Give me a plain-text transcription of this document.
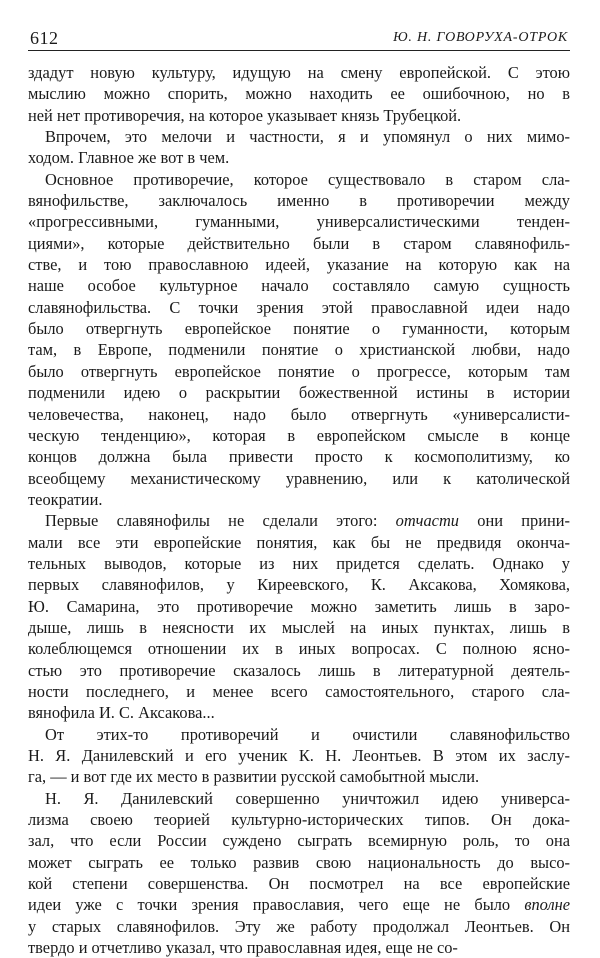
612	Ю. Н. ГОВОРУХА-ОТРОК
здадут новую культуру, идущую на смену европейской. С этою
мыслию можно спорить, можно находить ее ошибочною, но в
ней нет противоречия, на которое указывает князь Трубецкой.
Впрочем, это мелочи и частности, я и упомянул о них мимо-
ходом. Главное же вот в чем.
Основное противоречие, которое существовало в старом сла-
вянофильстве, заключалось именно в противоречии между
«прогрессивными, гуманными, универсалистическими тенден-
циями», которые действительно были в старом славянофиль-
стве, и тою православною идеей, указание на которую как на
наше особое культурное начало составляло самую сущность
славянофильства. С точки зрения этой православной идеи надо
было отвергнуть европейское понятие о гуманности, которым
там, в Европе, подменили понятие о христианской любви, надо
было отвергнуть европейское понятие о прогрессе, которым там
подменили идею о раскрытии божественной истины в истории
человечества, наконец, надо было отвергнуть «универсалисти-
ческую тенденцию», которая в европейском смысле в конце
концов должна была привести просто к космополитизму, ко
всеобщему механистическому уравнению, или к католической
теократии.
Первые славянофилы не сделали этого: отчасти они прини-
мали все эти европейские понятия, как бы не предвидя оконча-
тельных выводов, которые из них придется сделать. Однако у
первых славянофилов, у Киреевского, К. Аксакова, Хомякова,
Ю. Самарина, это противоречие можно заметить лишь в заро-
дыше, лишь в неясности их мыслей на иных пунктах, лишь в
колеблющемся отношении их в иных вопросах. С полною ясно-
стью это противоречие сказалось лишь в литературной деятель-
ности последнего, и менее всего самостоятельного, старого сла-
вянофила И. С. Аксакова...
От этих-то противоречий и очистили славянофильство
Н. Я. Данилевский и его ученик К. Н. Леонтьев. В этом их заслу-
га, — и вот где их место в развитии русской самобытной мысли.
Н. Я. Данилевский совершенно уничтожил идею универса-
лизма своею теорией культурно-исторических типов. Он дока-
зал, что если России суждено сыграть всемирную роль, то она
может сыграть ее только развив свою национальность до высо-
кой степени совершенства. Он посмотрел на все европейские
идеи уже с точки зрения православия, чего еще не было вполне
у старых славянофилов. Эту же работу продолжал Леонтьев. Он
твердо и отчетливо указал, что православная идея, еще не со-
